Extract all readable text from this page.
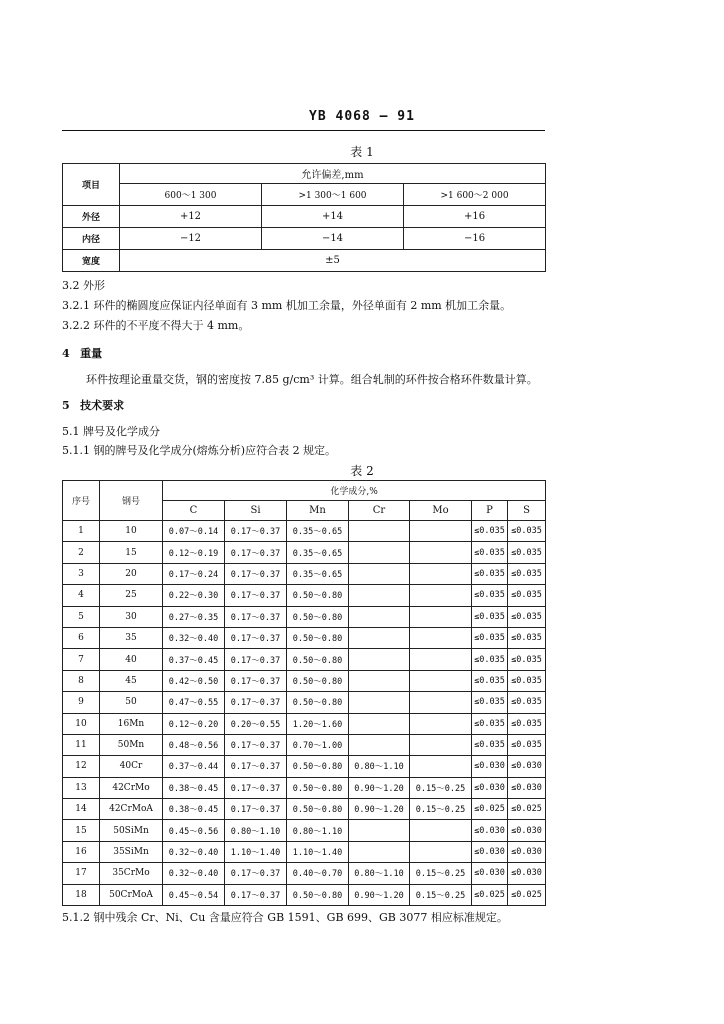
YB 4068 — 91
表 1
项目	允许偏差,mm		
	600～1 300	>1 300～1 600	>1 600～2 000
外径	+12	+14	+16
内径	−12	−14	−16
宽度	±5		
3.2 外形
3.2.1 环件的椭圆度应保证内径单面有 3 mm 机加工余量，外径单面有 2 mm 机加工余量。
3.2.2 环件的不平度不得大于 4 mm。
4 重量
环件按理论重量交货，钢的密度按 7.85 g/cm³ 计算。组合轧制的环件按合格环件数量计算。
5 技术要求
5.1 牌号及化学成分
5.1.1 钢的牌号及化学成分(熔炼分析)应符合表 2 规定。
表 2
序号	钢号	化学成分,%						
		C	Si	Mn	Cr	Mo	P	S
1	10	0.07～0.14	0.17～0.37	0.35～0.65			≤0.035	≤0.035
2	15	0.12～0.19	0.17～0.37	0.35～0.65			≤0.035	≤0.035
3	20	0.17～0.24	0.17～0.37	0.35～0.65			≤0.035	≤0.035
4	25	0.22～0.30	0.17～0.37	0.50～0.80			≤0.035	≤0.035
5	30	0.27～0.35	0.17～0.37	0.50～0.80			≤0.035	≤0.035
6	35	0.32～0.40	0.17～0.37	0.50～0.80			≤0.035	≤0.035
7	40	0.37～0.45	0.17～0.37	0.50～0.80			≤0.035	≤0.035
8	45	0.42～0.50	0.17～0.37	0.50～0.80			≤0.035	≤0.035
9	50	0.47～0.55	0.17～0.37	0.50～0.80			≤0.035	≤0.035
10	16Mn	0.12～0.20	0.20～0.55	1.20～1.60			≤0.035	≤0.035
11	50Mn	0.48～0.56	0.17～0.37	0.70～1.00			≤0.035	≤0.035
12	40Cr	0.37～0.44	0.17～0.37	0.50～0.80	0.80～1.10		≤0.030	≤0.030
13	42CrMo	0.38～0.45	0.17～0.37	0.50～0.80	0.90～1.20	0.15～0.25	≤0.030	≤0.030
14	42CrMoA	0.38～0.45	0.17～0.37	0.50～0.80	0.90～1.20	0.15～0.25	≤0.025	≤0.025
15	50SiMn	0.45～0.56	0.80～1.10	0.80～1.10			≤0.030	≤0.030
16	35SiMn	0.32～0.40	1.10～1.40	1.10～1.40			≤0.030	≤0.030
17	35CrMo	0.32～0.40	0.17～0.37	0.40～0.70	0.80～1.10	0.15～0.25	≤0.030	≤0.030
18	50CrMoA	0.45～0.54	0.17～0.37	0.50～0.80	0.90～1.20	0.15～0.25	≤0.025	≤0.025
5.1.2 钢中残余 Cr、Ni、Cu 含量应符合 GB 1591、GB 699、GB 3077 相应标准规定。
